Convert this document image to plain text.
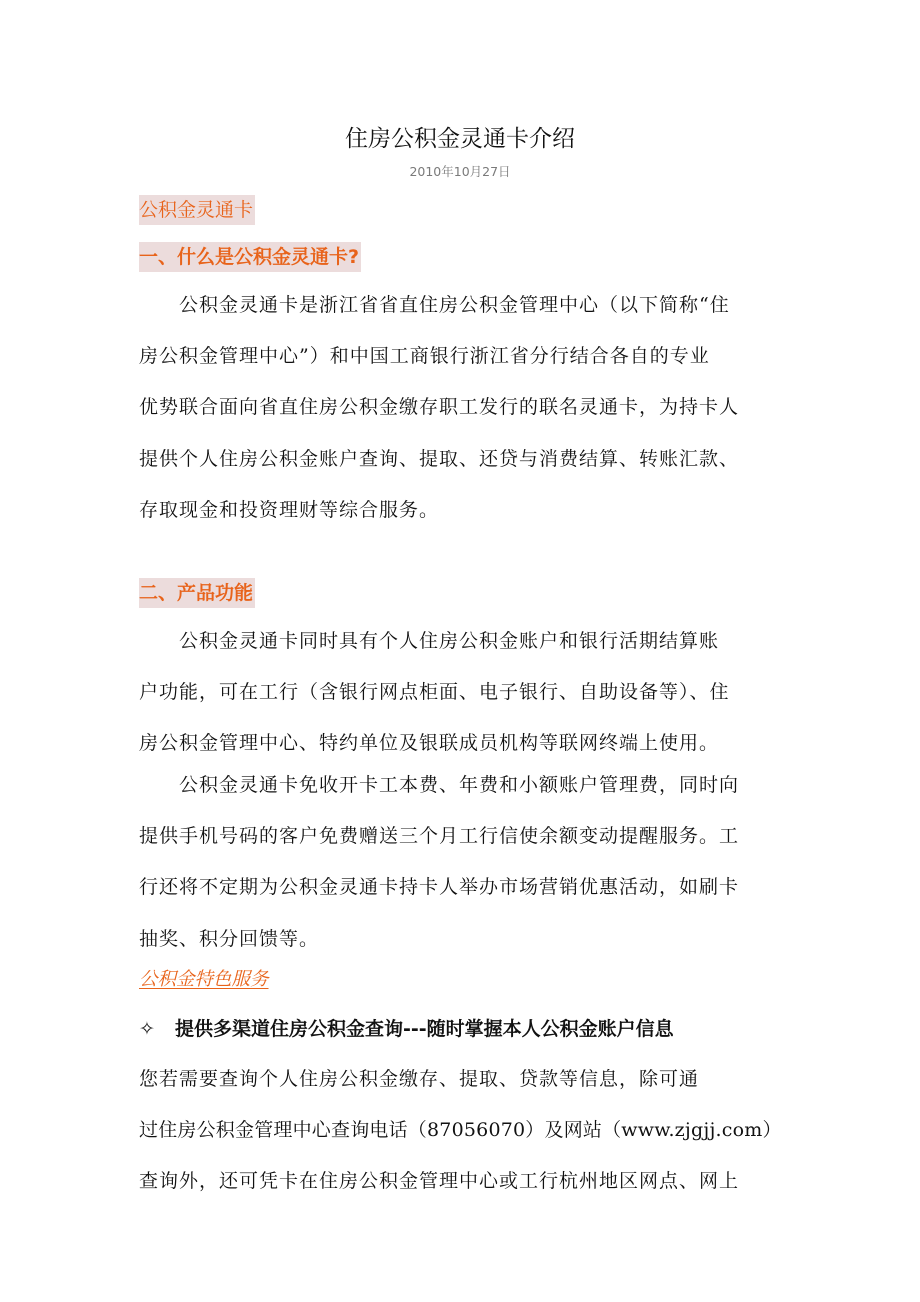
住房公积金灵通卡介绍
2010年10月27日
公积金灵通卡
一、什么是公积金灵通卡?
　　公积金灵通卡是浙江省省直住房公积金管理中心（以下简称“住
房公积金管理中心”）和中国工商银行浙江省分行结合各自的专业
优势联合面向省直住房公积金缴存职工发行的联名灵通卡，为持卡人
提供个人住房公积金账户查询、提取、还贷与消费结算、转账汇款、
存取现金和投资理财等综合服务。
二、产品功能
　　公积金灵通卡同时具有个人住房公积金账户和银行活期结算账
户功能，可在工行（含银行网点柜面、电子银行、自助设备等）、住
房公积金管理中心、特约单位及银联成员机构等联网终端上使用。
　　公积金灵通卡免收开卡工本费、年费和小额账户管理费，同时向
提供手机号码的客户免费赠送三个月工行信使余额变动提醒服务。工
行还将不定期为公积金灵通卡持卡人举办市场营销优惠活动，如刷卡
抽奖、积分回馈等。
公积金特色服务
✧ 提供多渠道住房公积金查询---随时掌握本人公积金账户信息
您若需要查询个人住房公积金缴存、提取、贷款等信息，除可通
过住房公积金管理中心查询电话（87056070）及网站（www.zjgjj.com）
查询外，还可凭卡在住房公积金管理中心或工行杭州地区网点、网上
